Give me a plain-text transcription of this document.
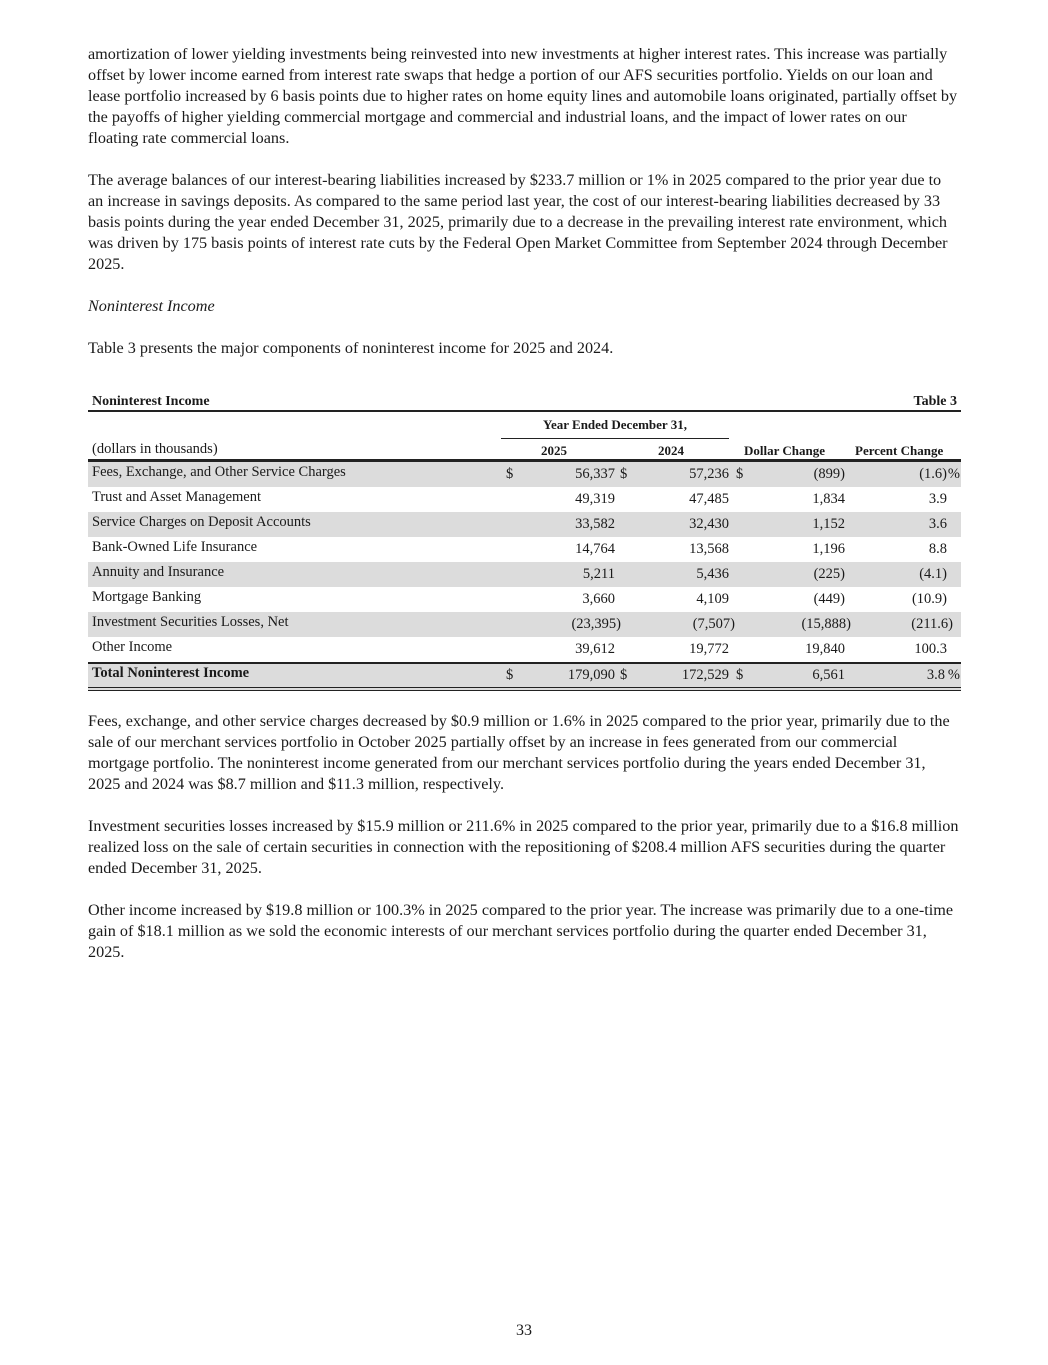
amortization of lower yielding investments being reinvested into new investments at higher interest rates. This increase was partially offset by lower income earned from interest rate swaps that hedge a portion of our AFS securities portfolio. Yields on our loan and lease portfolio increased by 6 basis points due to higher rates on home equity lines and automobile loans originated, partially offset by the payoffs of higher yielding commercial mortgage and commercial and industrial loans, and the impact of lower rates on our floating rate commercial loans.

The average balances of our interest-bearing liabilities increased by $233.7 million or 1% in 2025 compared to the prior year due to an increase in savings deposits. As compared to the same period last year, the cost of our interest-bearing liabilities decreased by 33 basis points during the year ended December 31, 2025, primarily due to a decrease in the prevailing interest rate environment, which was driven by 175 basis points of interest rate cuts by the Federal Open Market Committee from September 2024 through December 2025.

Noninterest Income

Table 3 presents the major components of noninterest income for 2025 and 2024.

Noninterest Income	Table 3
Year Ended December 31,
(dollars in thousands)	2025	2024	Dollar Change Percent Change
Fees, Exchange, and Other Service Charges	$	56,337 $	57,236 $	(899)	(1.6) %
Trust and Asset Management	49,319	47,485	1,834	3.9
Service Charges on Deposit Accounts	33,582	32,430	1,152	3.6
Bank-Owned Life Insurance	14,764	13,568	1,196	8.8
Annuity and Insurance	5,211	5,436	(225)	(4.1)
Mortgage Banking	3,660	4,109	(449)	(10.9)
Investment Securities Losses, Net	(23,395)	(7,507)	(15,888)	(211.6)
Other Income	39,612	19,772	19,840	100.3
Total Noninterest Income	$	179,090 $	172,529 $	6,561	3.8 %

Fees, exchange, and other service charges decreased by $0.9 million or 1.6% in 2025 compared to the prior year, primarily due to the sale of our merchant services portfolio in October 2025 partially offset by an increase in fees generated from our commercial mortgage portfolio. The noninterest income generated from our merchant services portfolio during the years ended December 31, 2025 and 2024 was $8.7 million and $11.3 million, respectively.

Investment securities losses increased by $15.9 million or 211.6% in 2025 compared to the prior year, primarily due to a $16.8 million realized loss on the sale of certain securities in connection with the repositioning of $208.4 million AFS securities during the quarter ended December 31, 2025.

Other income increased by $19.8 million or 100.3% in 2025 compared to the prior year. The increase was primarily due to a one-time gain of $18.1 million as we sold the economic interests of our merchant services portfolio during the quarter ended December 31, 2025.

33
